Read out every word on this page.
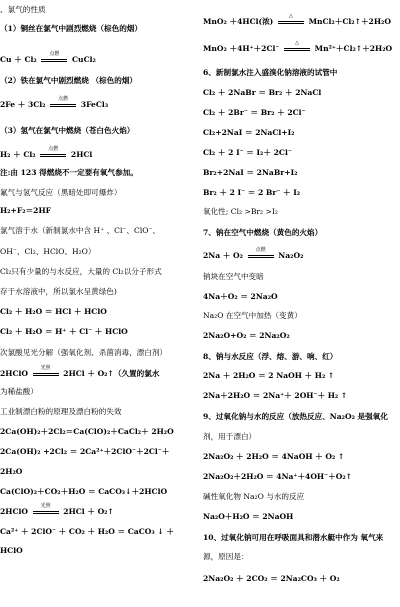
、氯气的性质
（1）铜丝在氯气中剧烈燃烧（棕色的烟）
Cu ＋ Cl₂
点燃
CuCl₂
（2）铁在氯气中剧烈燃烧 （棕色的烟）
2Fe ＋ 3Cl₂
点燃
3FeCl₃
（3）氢气在氯气中燃烧（苍白色火焰）
H₂ ＋ Cl₂
点燃
2HCl
注:由 123 得燃烧不一定要有氧气参加。
氟气与氢气反应（黑暗处即可爆炸）
H₂+F₂＝2HF
氯气溶于水（新制氯水中含 H⁺ 、Cl⁻、ClO⁻、
OH⁻、Cl₂、HClO、H₂O）
Cl₂只有少量的与水反应，大量的 Cl₂以分子形式
存于水溶液中，所以氯水呈黄绿色)
Cl₂ ＋ H₂O ＝ HCl ＋ HClO
Cl₂ ＋ H₂O ＝ H⁺ ＋ Cl⁻ ＋ HClO
次氯酸见光分解（强氧化剂、杀菌消毒，漂白剂）
2HClO
光照
2HCl ＋ O₂↑（久置的氯水
为稀盐酸）
工业制漂白粉的原理及漂白粉的失效
2Ca(OH)₂＋2Cl₂＝Ca(ClO)₂＋CaCl₂＋ 2H₂O
2Ca(OH)₂ +2Cl₂ ＝ 2Ca²⁺＋2ClO⁻＋2Cl⁻＋
2H₂O
Ca(ClO)₂＋CO₂＋H₂O ＝ CaCO₃↓＋2HClO
2HClO
光照
2HCl ＋ O₂↑
Ca²⁺ ＋ 2ClO⁻ ＋ CO₂ ＋ H₂O ＝ CaCO₃ ↓ ＋
HClO
MnO₂ ＋4HCl(浓)
△
MnCl₂＋Cl₂↑＋2H₂O
MnO₂ ＋4H⁺＋2Cl⁻
△
Mn²⁺＋Cl₂↑＋2H₂O
6、新制氯水注入盛溴化钠溶液的试管中
Cl₂ ＋ 2NaBr ＝ Br₂ ＋ 2NaCl
Cl₂ ＋ 2Br⁻ ＝ Br₂ ＋ 2Cl⁻
Cl₂+2NaI ＝ 2NaCl+I₂
Cl₂ ＋ 2 I⁻ ＝ I₂＋ 2Cl⁻
Br₂+2NaI ＝ 2NaBr+I₂
Br₂ ＋ 2 I⁻ ＝ 2 Br⁻ ＋ I₂
氧化性; Cl₂ >Br₂ >I₂
7、钠在空气中燃烧（黄色的火焰）
2Na ＋ O₂
点燃
Na₂O₂
钠块在空气中变暗
4Na＋O₂ ＝ 2Na₂O
Na₂O 在空气中加热（变黄）
2Na₂O+O₂ ＝ 2Na₂O₂
8、钠与水反应（浮、熔、游、响、红）
2Na ＋ 2H₂O ＝ 2 NaOH ＋ H₂ ↑
2Na＋2H₂O ＝ 2Na⁺＋ 2OH⁻＋ H₂ ↑
9、过氧化钠与水的反应（放热反应、Na₂O₂ 是强氧化
剂，用于漂白）
2Na₂O₂ ＋ 2H₂O ＝ 4NaOH ＋ O₂ ↑
2Na₂O₂＋2H₂O ＝ 4Na⁺＋4OH⁻＋O₂↑
碱性氧化物 Na₂O 与水的反应
Na₂O＋H₂O ＝ 2NaOH
10、过氧化钠可用在呼吸面具和潜水艇中作为 氧气来
源，原因是：
2Na₂O₂ ＋ 2CO₂ ＝ 2Na₂CO₃ ＋ O₂
